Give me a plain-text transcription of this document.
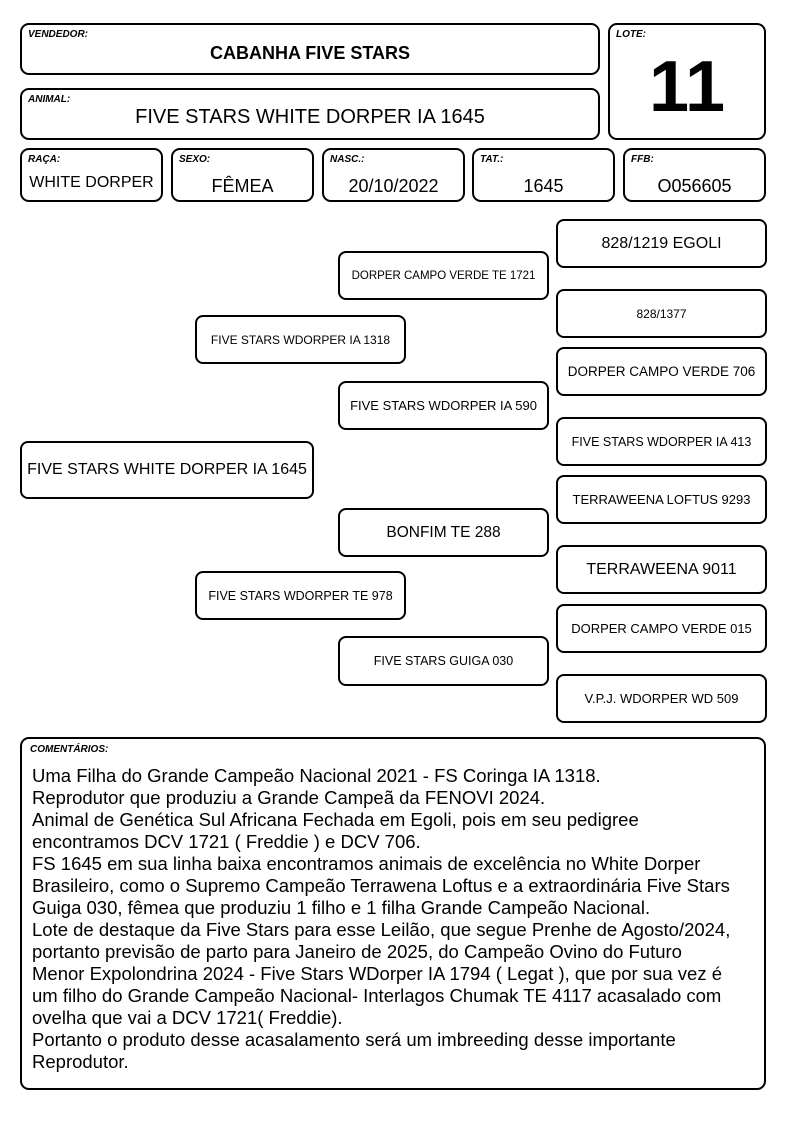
VENDEDOR:
CABANHA FIVE STARS
LOTE:
11
ANIMAL:
FIVE STARS WHITE DORPER IA 1645
RAÇA:
WHITE DORPER
SEXO:
FÊMEA
NASC.:
20/10/2022
TAT.:
1645
FFB:
O056605
FIVE STARS WHITE DORPER IA 1645
FIVE STARS WDORPER IA 1318
FIVE STARS WDORPER TE 978
DORPER CAMPO VERDE TE 1721
FIVE STARS WDORPER IA 590
BONFIM TE 288
FIVE STARS GUIGA 030
828/1219 EGOLI
828/1377
DORPER CAMPO VERDE 706
FIVE STARS WDORPER IA 413
TERRAWEENA LOFTUS 9293
TERRAWEENA 9011
DORPER CAMPO VERDE 015
V.P.J. WDORPER WD 509
COMENTÁRIOS:
Uma Filha do Grande Campeão Nacional 2021 - FS Coringa IA 1318.
Reprodutor que produziu a Grande Campeã da FENOVI 2024.
Animal de Genética Sul Africana Fechada em Egoli, pois em seu pedigree
encontramos DCV 1721 ( Freddie ) e DCV 706.
FS 1645 em sua linha baixa encontramos animais de excelência no White Dorper
Brasileiro, como o Supremo Campeão Terrawena Loftus e a extraordinária Five Stars
Guiga 030, fêmea que produziu 1 filho e 1 filha Grande Campeão Nacional.
Lote de destaque da Five Stars para esse Leilão, que segue Prenhe de Agosto/2024,
portanto previsão de parto para Janeiro de 2025, do Campeão Ovino do Futuro
Menor Expolondrina 2024 - Five Stars WDorper IA 1794 ( Legat ), que por sua vez é
um filho do Grande Campeão Nacional- Interlagos Chumak TE 4117 acasalado com
ovelha que vai a DCV 1721( Freddie).
Portanto o produto desse acasalamento será um imbreeding desse importante
Reprodutor.
